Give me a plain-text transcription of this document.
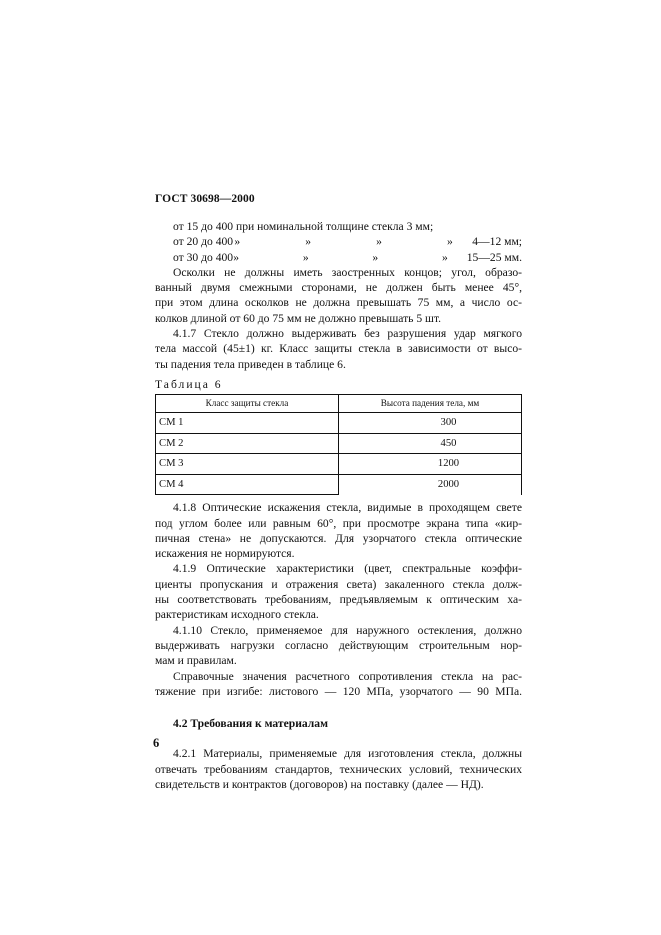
ГОСТ 30698—2000
от 15 до 400 при номинальной толщине стекла 3 мм;
от 20 до 400 »	»	»	»	4—12 мм;
от 30 до 400 »	»	»	»	15—25 мм.
Осколки не должны иметь заостренных концов; угол, образо-
ванный двумя смежными сторонами, не должен быть менее 45°,
при этом длина осколков не должна превышать 75 мм, а число ос-
колков длиной от 60 до 75 мм не должно превышать 5 шт.
4.1.7 Стекло должно выдерживать без разрушения удар мягкого
тела массой (45±1) кг. Класс защиты стекла в зависимости от высо-
ты падения тела приведен в таблице 6.
Таблица 6
Класс защиты стекла	Высота падения тела, мм
СМ 1	300
СМ 2	450
СМ 3	1200
СМ 4	2000
4.1.8 Оптические искажения стекла, видимые в проходящем свете
под углом более или равным 60°, при просмотре экрана типа «кир-
пичная стена» не допускаются. Для узорчатого стекла оптические
искажения не нормируются.
4.1.9 Оптические характеристики (цвет, спектральные коэффи-
циенты пропускания и отражения света) закаленного стекла долж-
ны соответствовать требованиям, предъявляемым к оптическим ха-
рактеристикам исходного стекла.
4.1.10 Стекло, применяемое для наружного остекления, должно
выдерживать нагрузки согласно действующим строительным нор-
мам и правилам.
Справочные значения расчетного сопротивления стекла на рас-
тяжение при изгибе: листового — 120 МПа, узорчатого — 90 МПа.
4.2 Требования к материалам
4.2.1 Материалы, применяемые для изготовления стекла, должны
отвечать требованиям стандартов, технических условий, технических
свидетельств и контрактов (договоров) на поставку (далее — НД).
6
